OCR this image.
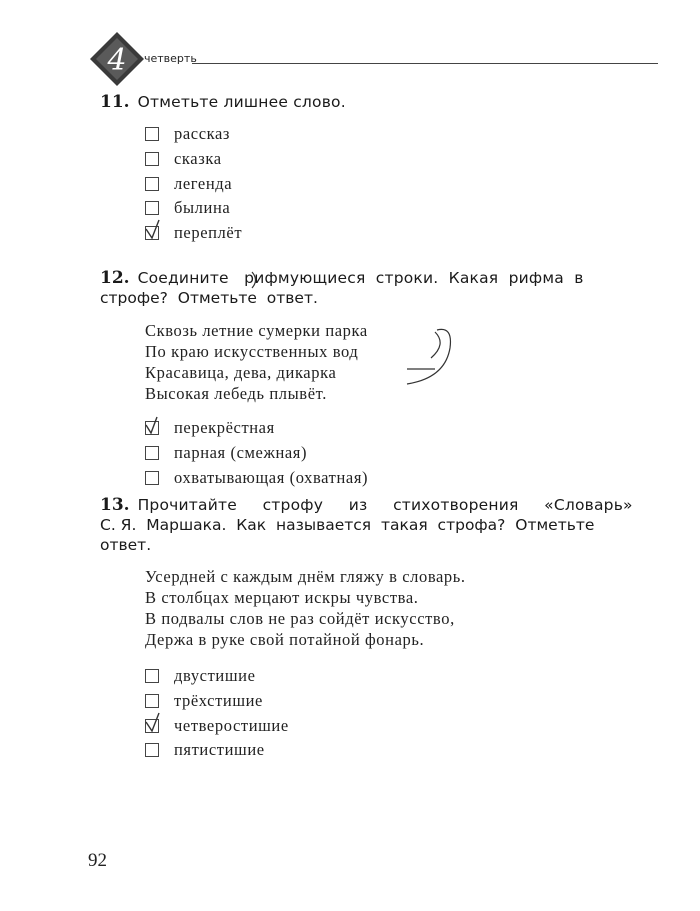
4 четверть
11. Отметьте лишнее слово.
рассказ
сказка
легенда
былина
переплёт
12. Соедините   рифмующиеся  строки.  Какая  рифма  в
строфе?  Отметьте  ответ.
Сквозь летние сумерки парка
По краю искусственных вод
Красавица, дева, дикарка
Высокая лебедь плывёт.
перекрёстная
парная (смежная)
охватывающая (охватная)
13. Прочитайте     строфу     из     стихотворения     «Словарь»
С. Я.  Маршака.  Как  называется  такая  строфа?  Отметьте
ответ.
Усердней с каждым днём гляжу в словарь.
В столбцах мерцают искры чувства.
В подвалы слов не раз сойдёт искусство,
Держа в руке свой потайной фонарь.
двустишие
трёхстишие
четверостишие
пятистишие
92
